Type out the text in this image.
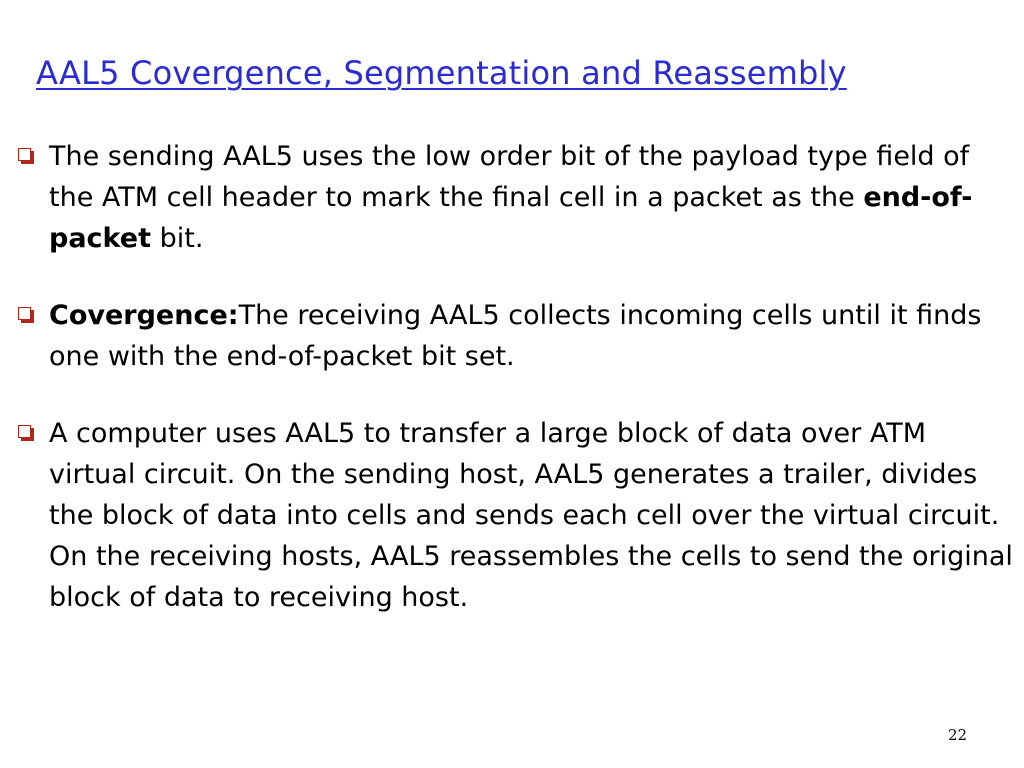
AAL5 Covergence, Segmentation and Reassembly
The sending AAL5 uses the low order bit of the payload type field of the ATM cell header to mark the final cell in a packet as the end-of-packet bit.
Covergence:The receiving AAL5 collects incoming cells until it finds one with the end-of-packet bit set.
A computer uses AAL5 to transfer a large block of data over ATM virtual circuit. On the sending host, AAL5 generates a trailer, divides the block of data into cells and sends each cell over the virtual circuit. On the receiving hosts, AAL5 reassembles the cells to send the original block of data to receiving host.
22
